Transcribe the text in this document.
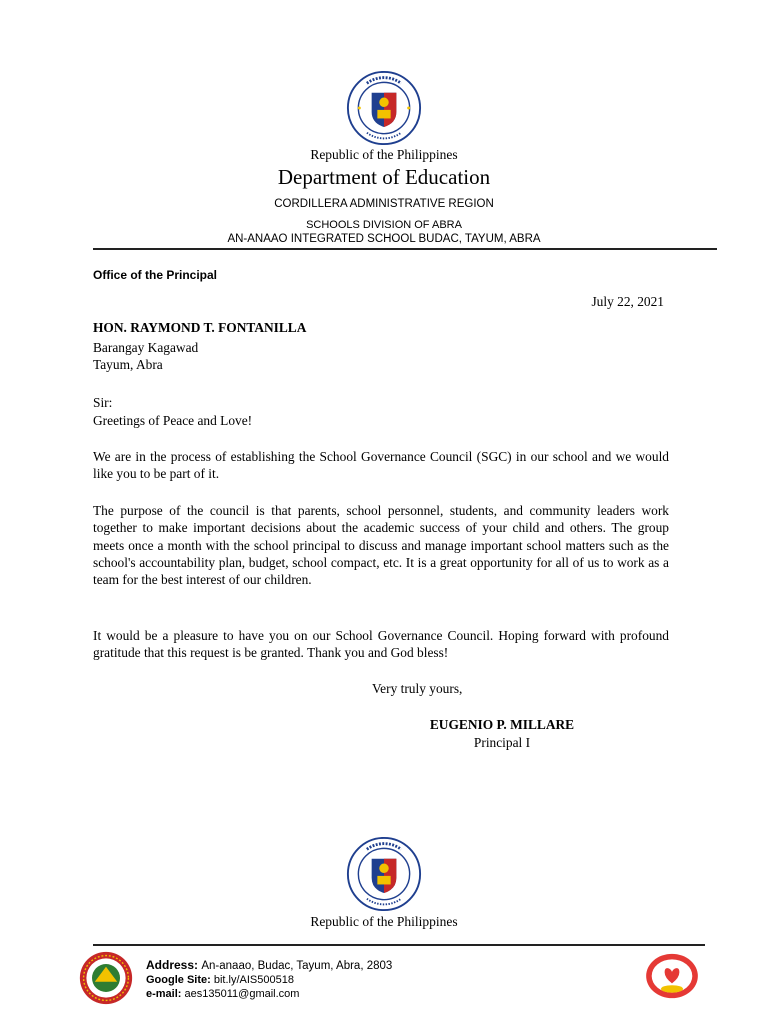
Republic of the Philippines
Department of Education
CORDILLERA ADMINISTRATIVE REGION
SCHOOLS DIVISION OF ABRA
AN-ANAAO INTEGRATED SCHOOL BUDAC, TAYUM, ABRA
Office of the Principal
July 22, 2021
HON. RAYMOND T. FONTANILLA
Barangay Kagawad
Tayum, Abra
Sir:
Greetings of Peace and Love!

We are in the process of establishing the School Governance Council (SGC) in our school and we would like you to be part of it.

The purpose of the council is that parents, school personnel, students, and community leaders work together to make important decisions about the academic success of your child and others. The group meets once a month with the school principal to discuss and manage important school matters such as the school's accountability plan, budget, school compact, etc. It is a great opportunity for all of us to work as a team for the best interest of our children.

It would be a pleasure to have you on our School Governance Council. Hoping forward with profound gratitude that this request is be granted. Thank you and God bless!

Very truly yours,
EUGENIO P. MILLARE
Principal I
Republic of the Philippines
Address: An-anaao, Budac, Tayum, Abra, 2803
Google Site: bit.ly/AIS500518
e-mail: aes135011@gmail.com
